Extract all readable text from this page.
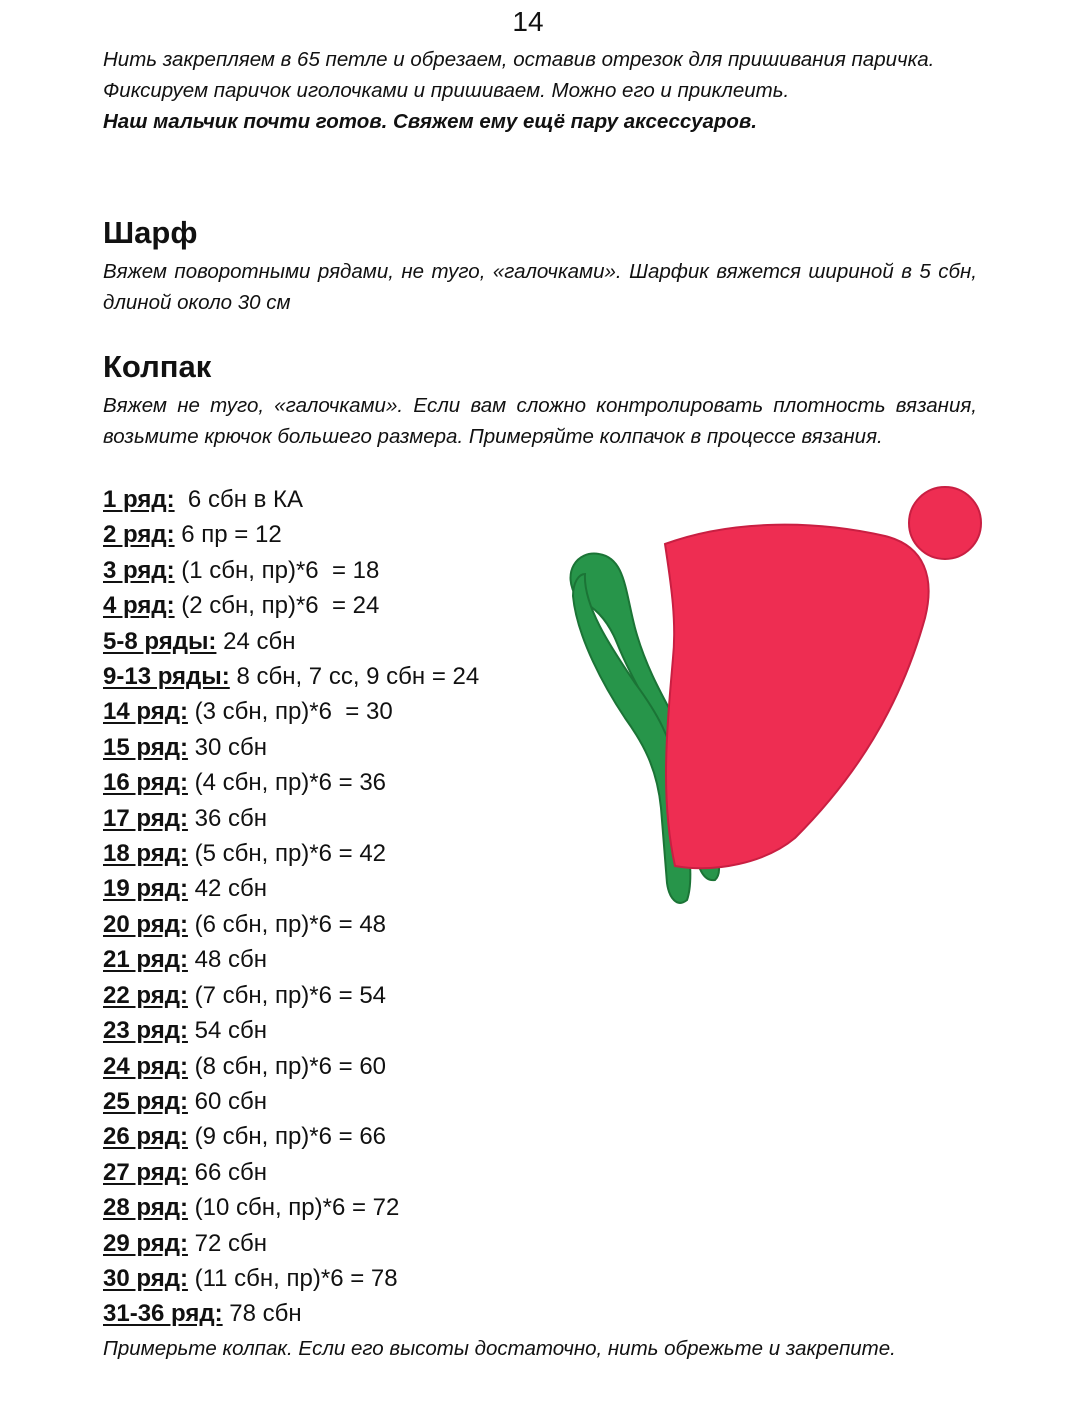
14

Нить закрепляем в 65 петле и обрезаем, оставив отрезок для пришивания паричка.

Фиксируем паричок иголочками и пришиваем. Можно его и приклеить.

Наш мальчик почти готов. Свяжем ему ещё пару аксессуаров.

Шарф
Вяжем поворотными рядами, не туго, «галочками». Шарфик вяжется шириной в 5 сбн, длиной около 30 см
Колпак
Вяжем не туго, «галочками». Если вам сложно контролировать плотность вязания, возьмите крючок большего размера. Примеряйте колпачок в процессе вязания.
1 ряд:  6 сбн в КА
2 ряд: 6 пр = 12
3 ряд: (1 сбн, пр)*6  = 18
4 ряд: (2 сбн, пр)*6  = 24
5-8 ряды: 24 сбн
9-13 ряды: 8 сбн, 7 сс, 9 сбн = 24
14 ряд: (3 сбн, пр)*6  = 30
15 ряд: 30 сбн
16 ряд: (4 сбн, пр)*6 = 36
17 ряд: 36 сбн
18 ряд: (5 сбн, пр)*6 = 42
19 ряд: 42 сбн
20 ряд: (6 сбн, пр)*6 = 48
21 ряд: 48 сбн
22 ряд: (7 сбн, пр)*6 = 54
23 ряд: 54 сбн
24 ряд: (8 сбн, пр)*6 = 60
25 ряд: 60 сбн
26 ряд: (9 сбн, пр)*6 = 66
27 ряд: 66 сбн
28 ряд: (10 сбн, пр)*6 = 72
29 ряд: 72 сбн
30 ряд: (11 сбн, пр)*6 = 78
31-36 ряд: 78 сбн
Примерьте колпак. Если его высоты достаточно, нить обрежьте и закрепите.
